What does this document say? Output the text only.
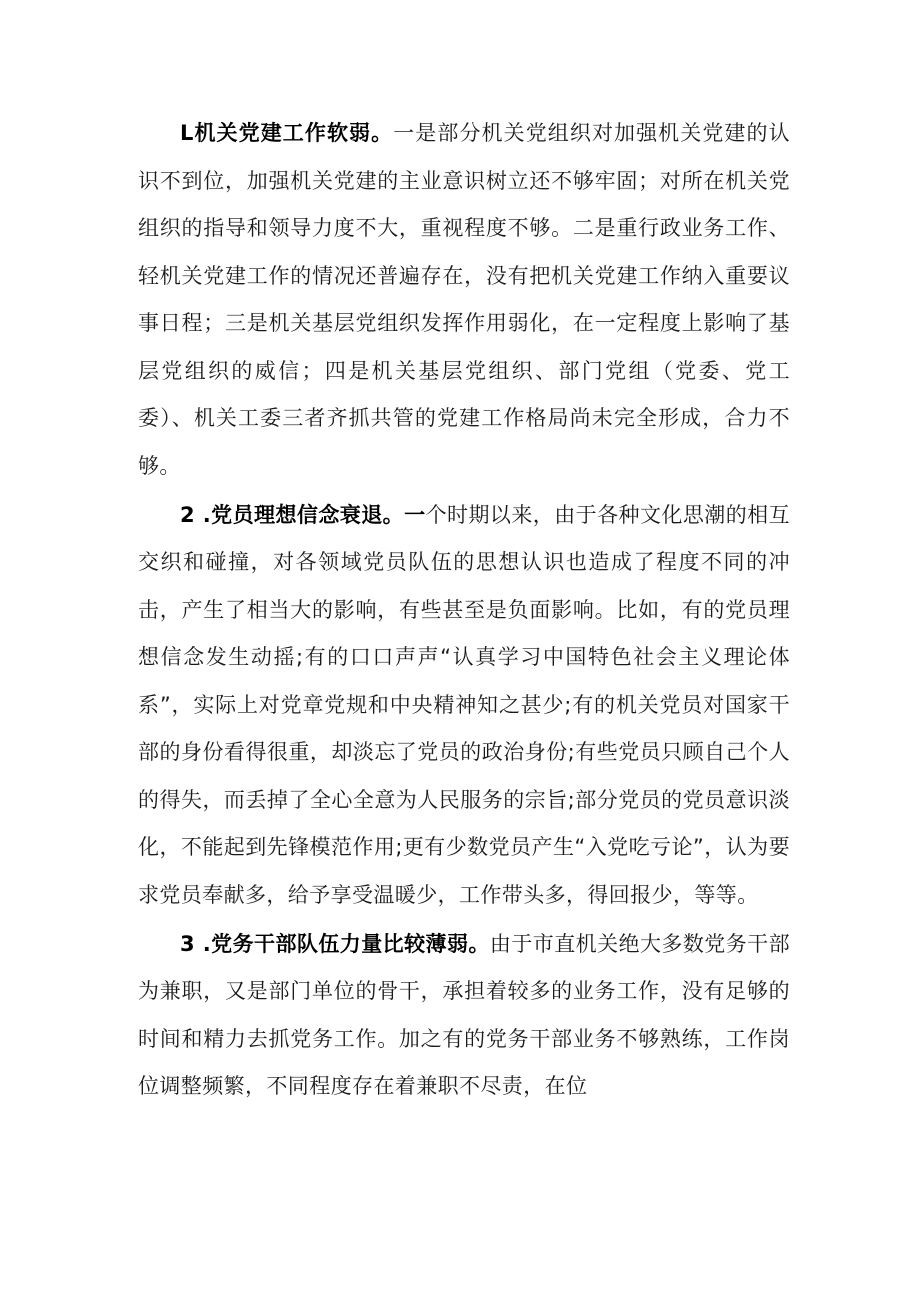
L机关党建工作软弱。一是部分机关党组织对加强机关党建的认识不到位，加强机关党建的主业意识树立还不够牢固；对所在机关党组织的指导和领导力度不大，重视程度不够。二是重行政业务工作、轻机关党建工作的情况还普遍存在，没有把机关党建工作纳入重要议事日程；三是机关基层党组织发挥作用弱化，在一定程度上影响了基层党组织的威信；四是机关基层党组织、部门党组（党委、党工委）、机关工委三者齐抓共管的党建工作格局尚未完全形成，合力不够。

2 .党员理想信念衰退。一个时期以来，由于各种文化思潮的相互交织和碰撞，对各领域党员队伍的思想认识也造成了程度不同的冲击，产生了相当大的影响，有些甚至是负面影响。比如，有的党员理想信念发生动摇;有的口口声声“认真学习中国特色社会主义理论体系”，实际上对党章党规和中央精神知之甚少;有的机关党员对国家干部的身份看得很重，却淡忘了党员的政治身份;有些党员只顾自己个人的得失，而丢掉了全心全意为人民服务的宗旨;部分党员的党员意识淡化，不能起到先锋模范作用;更有少数党员产生“入党吃亏论”，认为要求党员奉献多，给予享受温暖少，工作带头多，得回报少，等等。

3 .党务干部队伍力量比较薄弱。由于市直机关绝大多数党务干部为兼职，又是部门单位的骨干，承担着较多的业务工作，没有足够的时间和精力去抓党务工作。加之有的党务干部业务不够熟练，工作岗位调整频繁，不同程度存在着兼职不尽责，在位
